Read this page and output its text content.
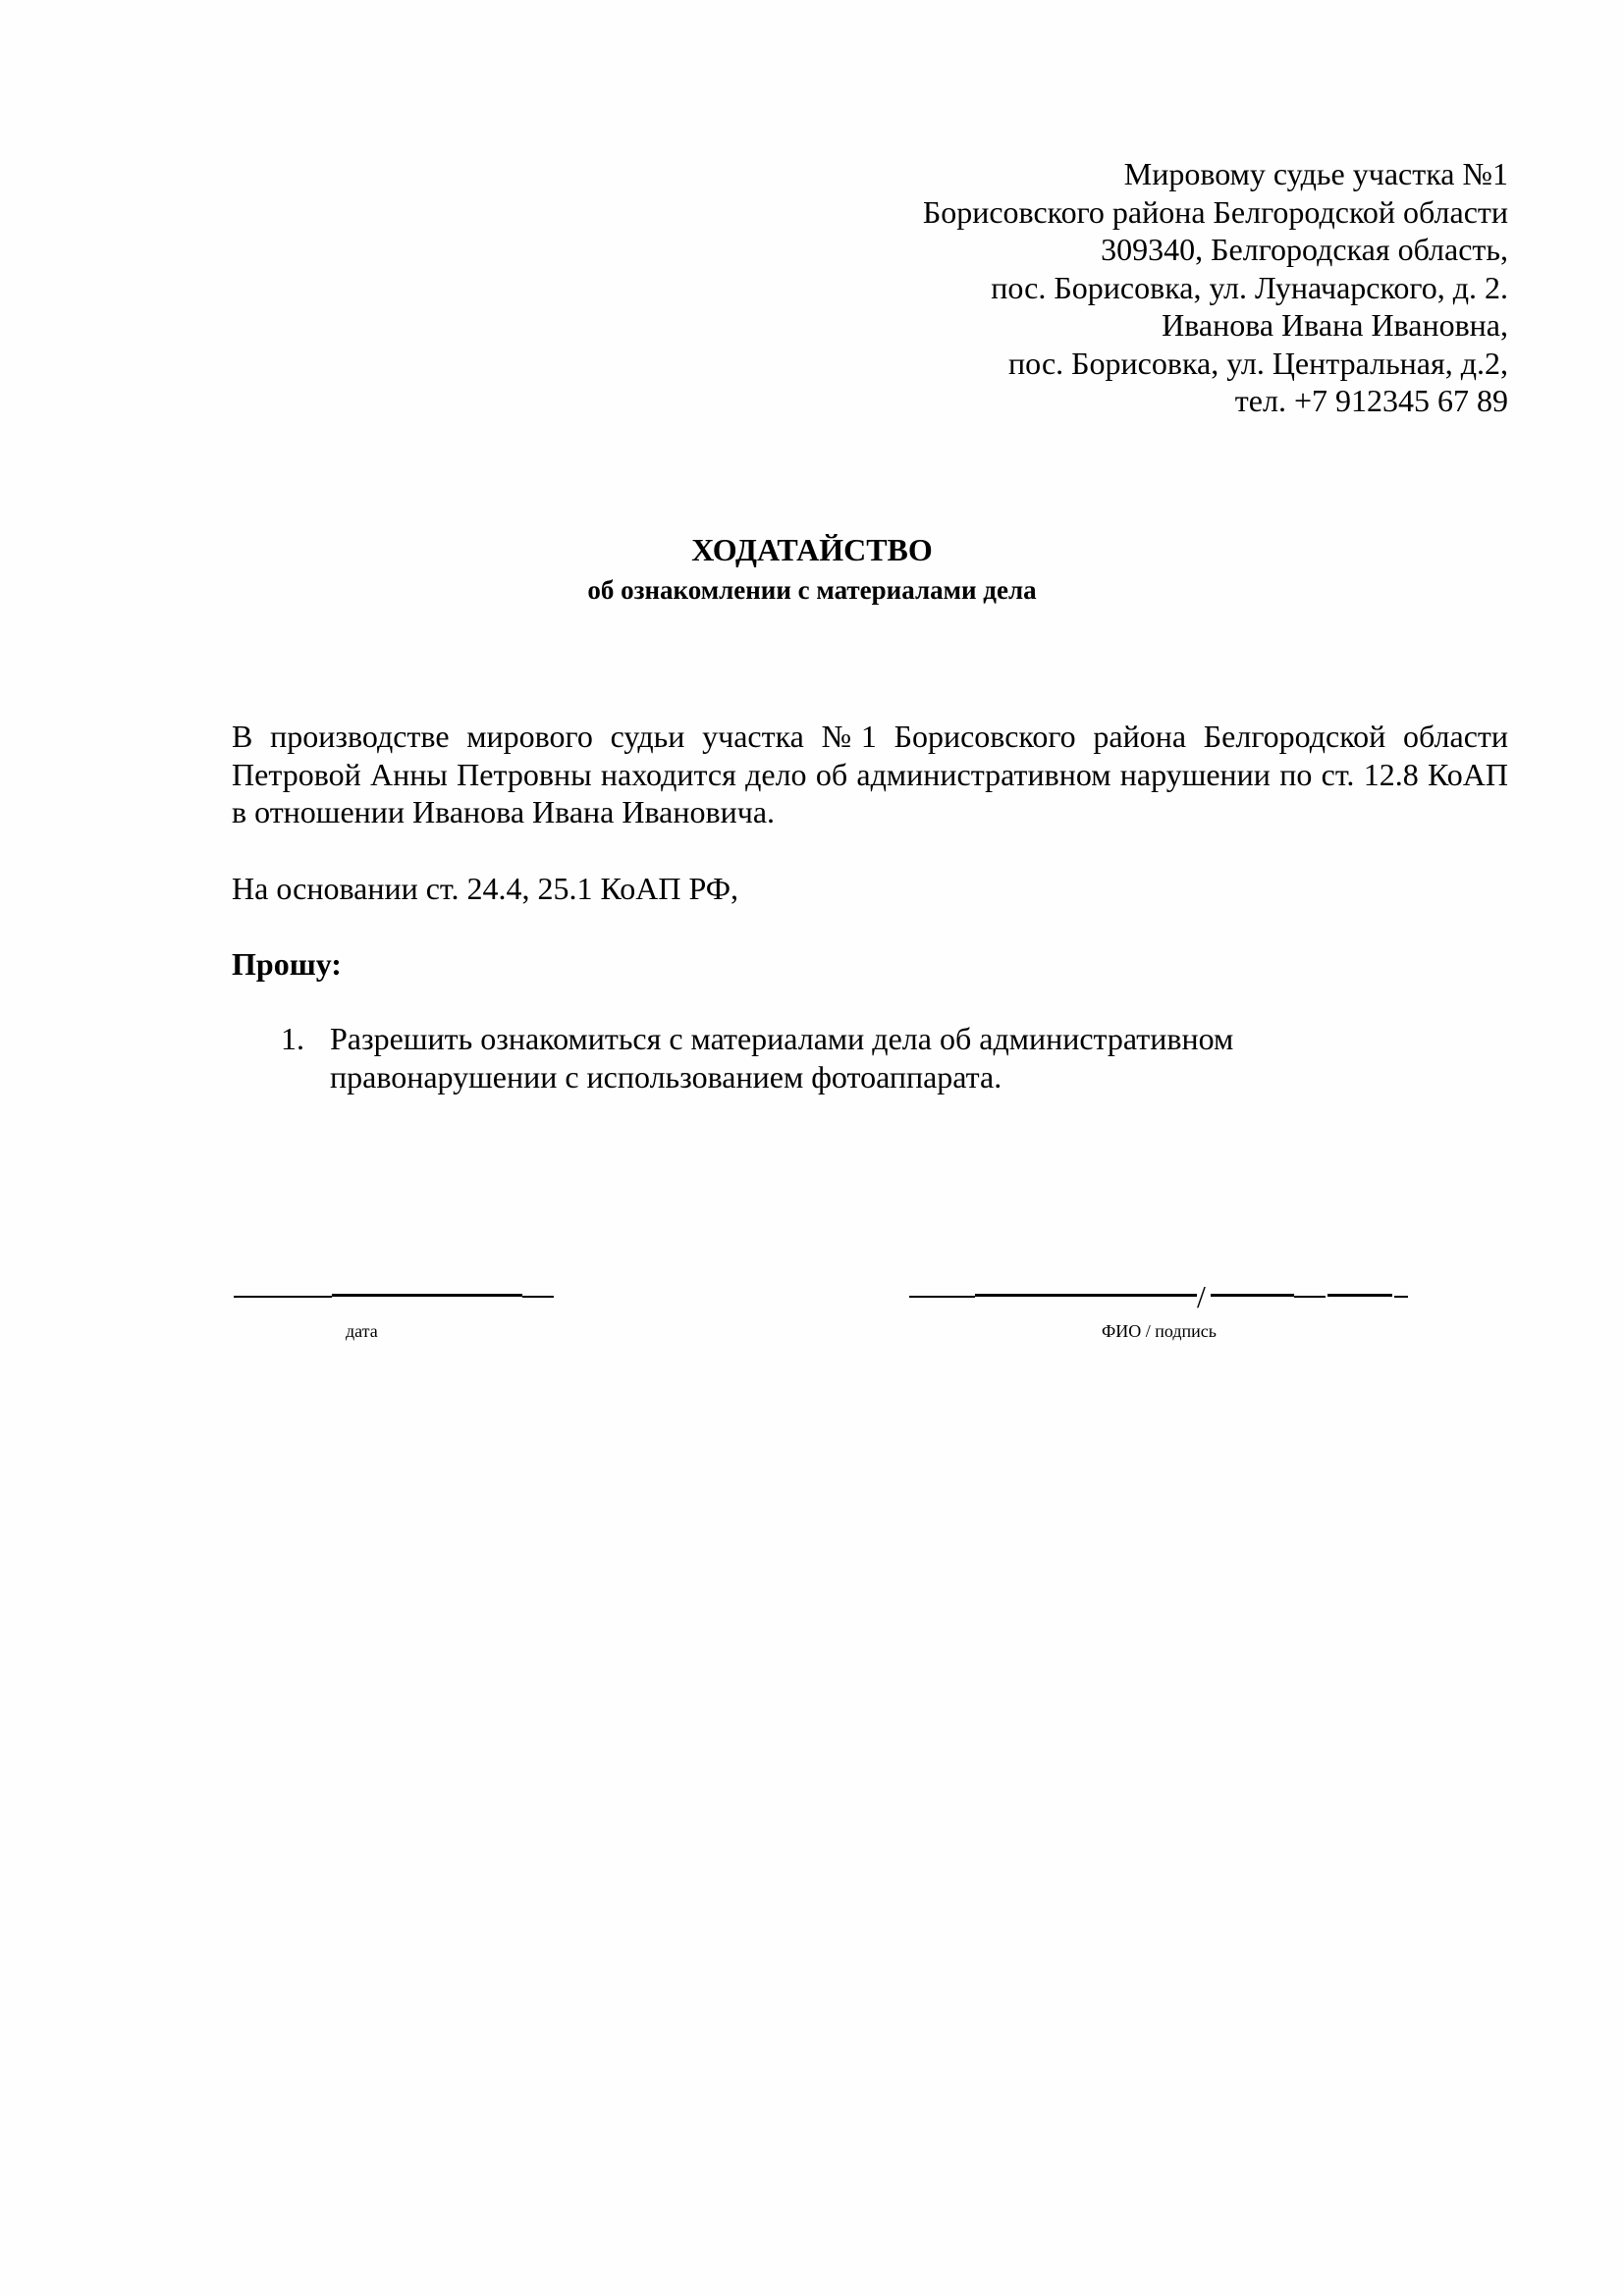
Мировому судье участка №1
Борисовского района Белгородской области
309340, Белгородская область,
пос. Борисовка, ул. Луначарского, д. 2.
Иванова Ивана Ивановна,
пос. Борисовка, ул. Центральная, д.2,
тел. +7 912345 67 89
ХОДАТАЙСТВО
об ознакомлении с материалами дела
В производстве мирового судьи участка №1 Борисовского района Белгородской области Петровой Анны Петровны находится дело об административном нарушении по ст. 12.8 КоАП в отношении Иванова Ивана Ивановича.
На основании ст. 24.4, 25.1 КоАП РФ,
Прошу:
1. Разрешить ознакомиться с материалами дела об административном
правонарушении с использованием фотоаппарата.
дата
/
ФИО / подпись
